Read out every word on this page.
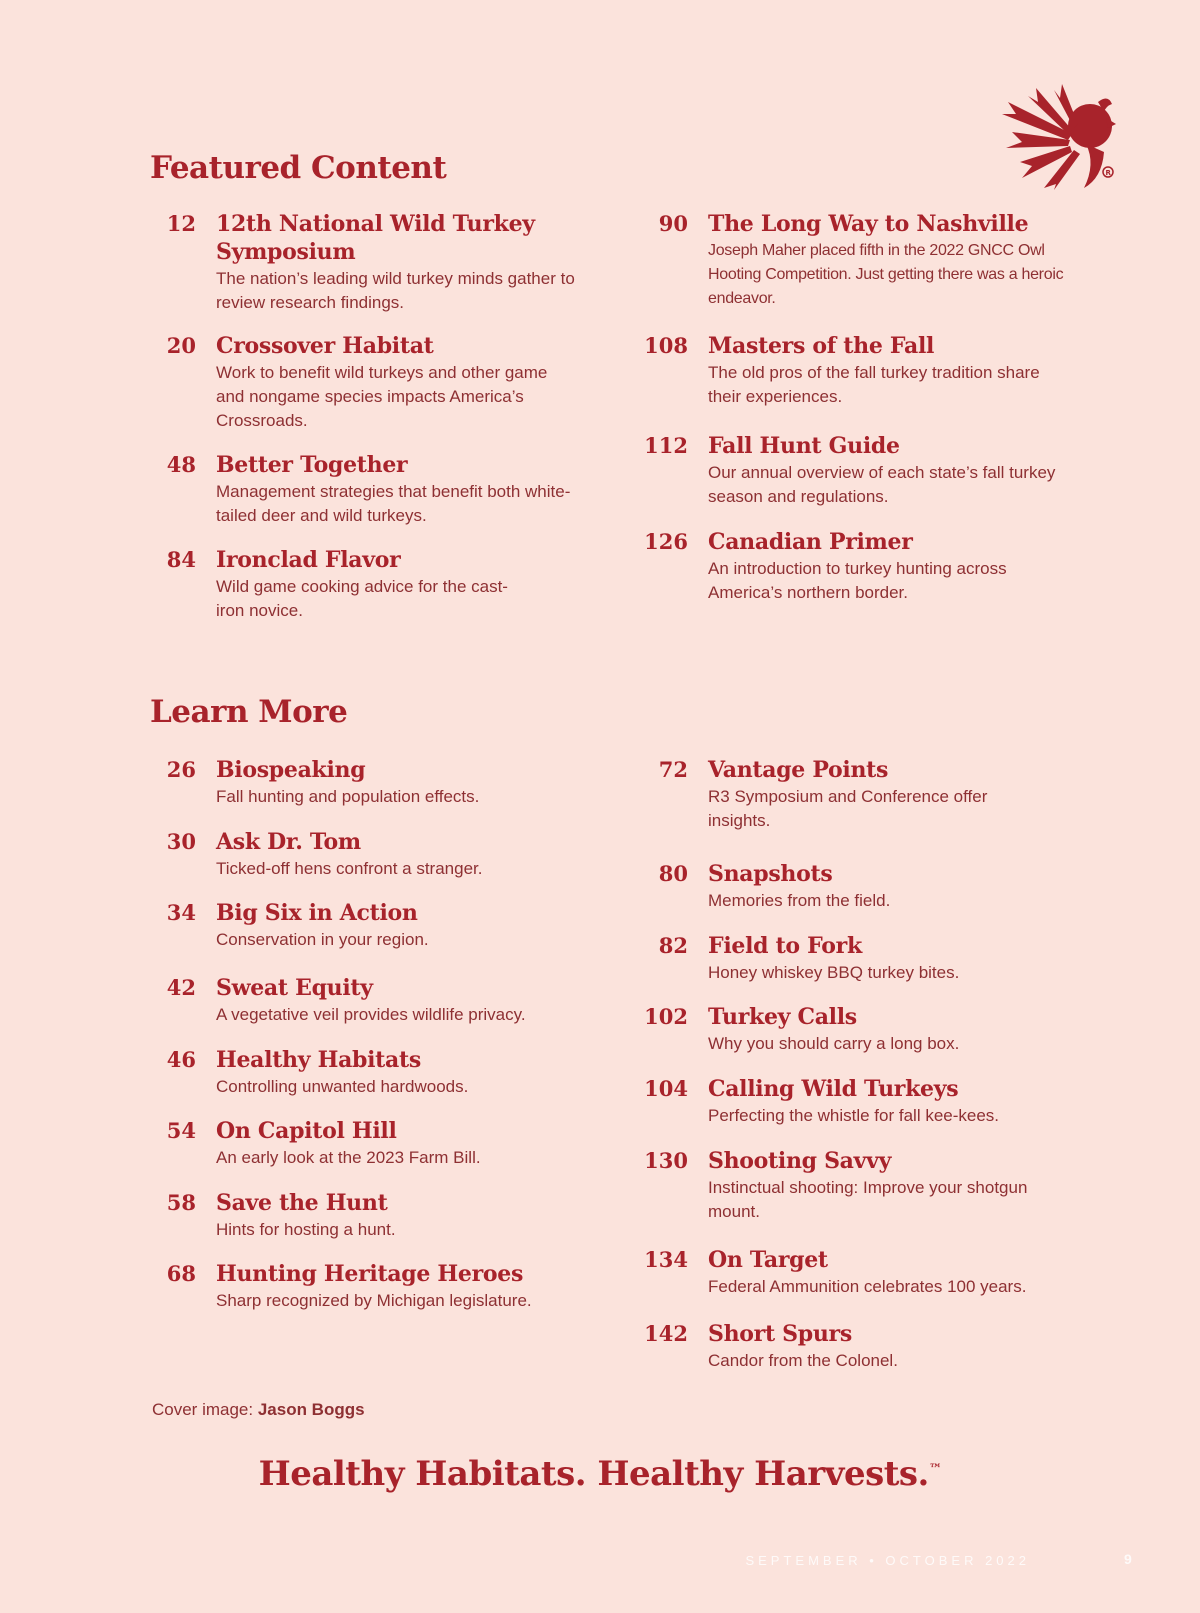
R
Featured Content
12 12th National Wild Turkey Symposium
The nation’s leading wild turkey minds gather to review research findings.
20 Crossover Habitat
Work to benefit wild turkeys and other game and nongame species impacts America’s Crossroads.
48 Better Together
Management strategies that benefit both white-tailed deer and wild turkeys.
84 Ironclad Flavor
Wild game cooking advice for the cast-iron novice.
90 The Long Way to Nashville
Joseph Maher placed fifth in the 2022 GNCC Owl Hooting Competition. Just getting there was a heroic endeavor.
108 Masters of the Fall
The old pros of the fall turkey tradition share their experiences.
112 Fall Hunt Guide
Our annual overview of each state’s fall turkey season and regulations.
126 Canadian Primer
An introduction to turkey hunting across America’s northern border.
Learn More
26 Biospeaking
Fall hunting and population effects.
30 Ask Dr. Tom
Ticked-off hens confront a stranger.
34 Big Six in Action
Conservation in your region.
42 Sweat Equity
A vegetative veil provides wildlife privacy.
46 Healthy Habitats
Controlling unwanted hardwoods.
54 On Capitol Hill
An early look at the 2023 Farm Bill.
58 Save the Hunt
Hints for hosting a hunt.
68 Hunting Heritage Heroes
Sharp recognized by Michigan legislature.
72 Vantage Points
R3 Symposium and Conference offer insights.
80 Snapshots
Memories from the field.
82 Field to Fork
Honey whiskey BBQ turkey bites.
102 Turkey Calls
Why you should carry a long box.
104 Calling Wild Turkeys
Perfecting the whistle for fall kee-kees.
130 Shooting Savvy
Instinctual shooting: Improve your shotgun mount.
134 On Target
Federal Ammunition celebrates 100 years.
142 Short Spurs
Candor from the Colonel.
Cover image: Jason Boggs
Healthy Habitats. Healthy Harvests.™
SEPTEMBER • OCTOBER 2022	9
